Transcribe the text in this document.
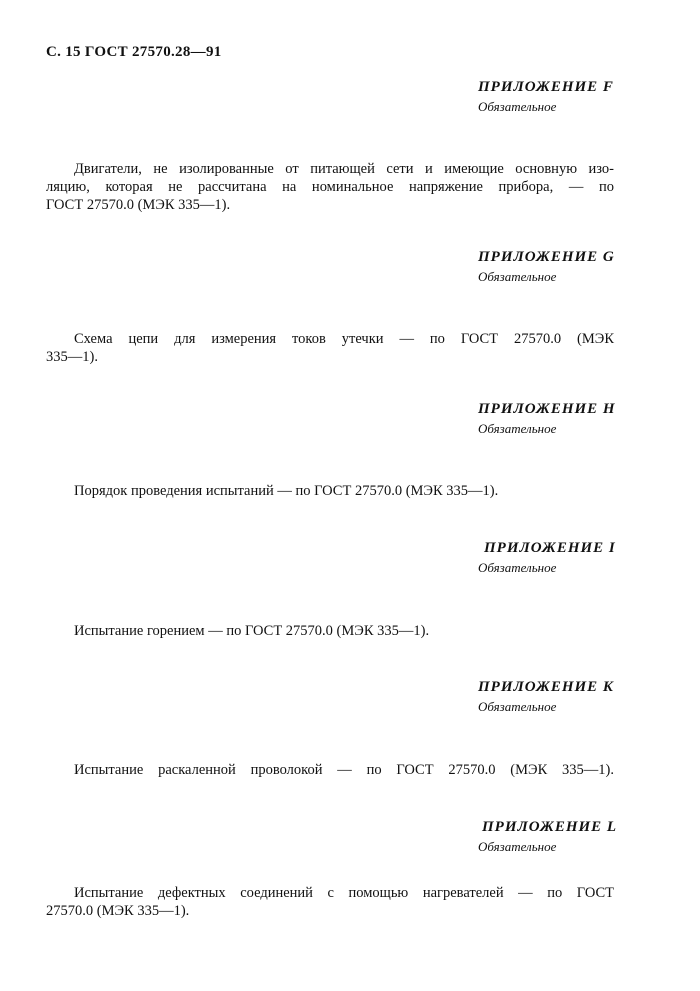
С. 15 ГОСТ 27570.28—91
ПРИЛОЖЕНИЕ F
Обязательное
Двигатели, не изолированные от питающей сети и имеющие основную изо-
ляцию, которая не рассчитана на номинальное напряжение прибора, — по
ГОСТ 27570.0 (МЭК 335—1).
ПРИЛОЖЕНИЕ G
Обязательное
Схема цепи для измерения токов утечки — по ГОСТ 27570.0 (МЭК
335—1).
ПРИЛОЖЕНИЕ H
Обязательное
Порядок проведения испытаний — по ГОСТ 27570.0 (МЭК 335—1).
ПРИЛОЖЕНИЕ I
Обязательное
Испытание горением — по ГОСТ 27570.0 (МЭК 335—1).
ПРИЛОЖЕНИЕ K
Обязательное
Испытание раскаленной проволокой — по ГОСТ 27570.0 (МЭК 335—1).
ПРИЛОЖЕНИЕ L
Обязательное
Испытание дефектных соединений с помощью нагревателей — по ГОСТ
27570.0 (МЭК 335—1).
